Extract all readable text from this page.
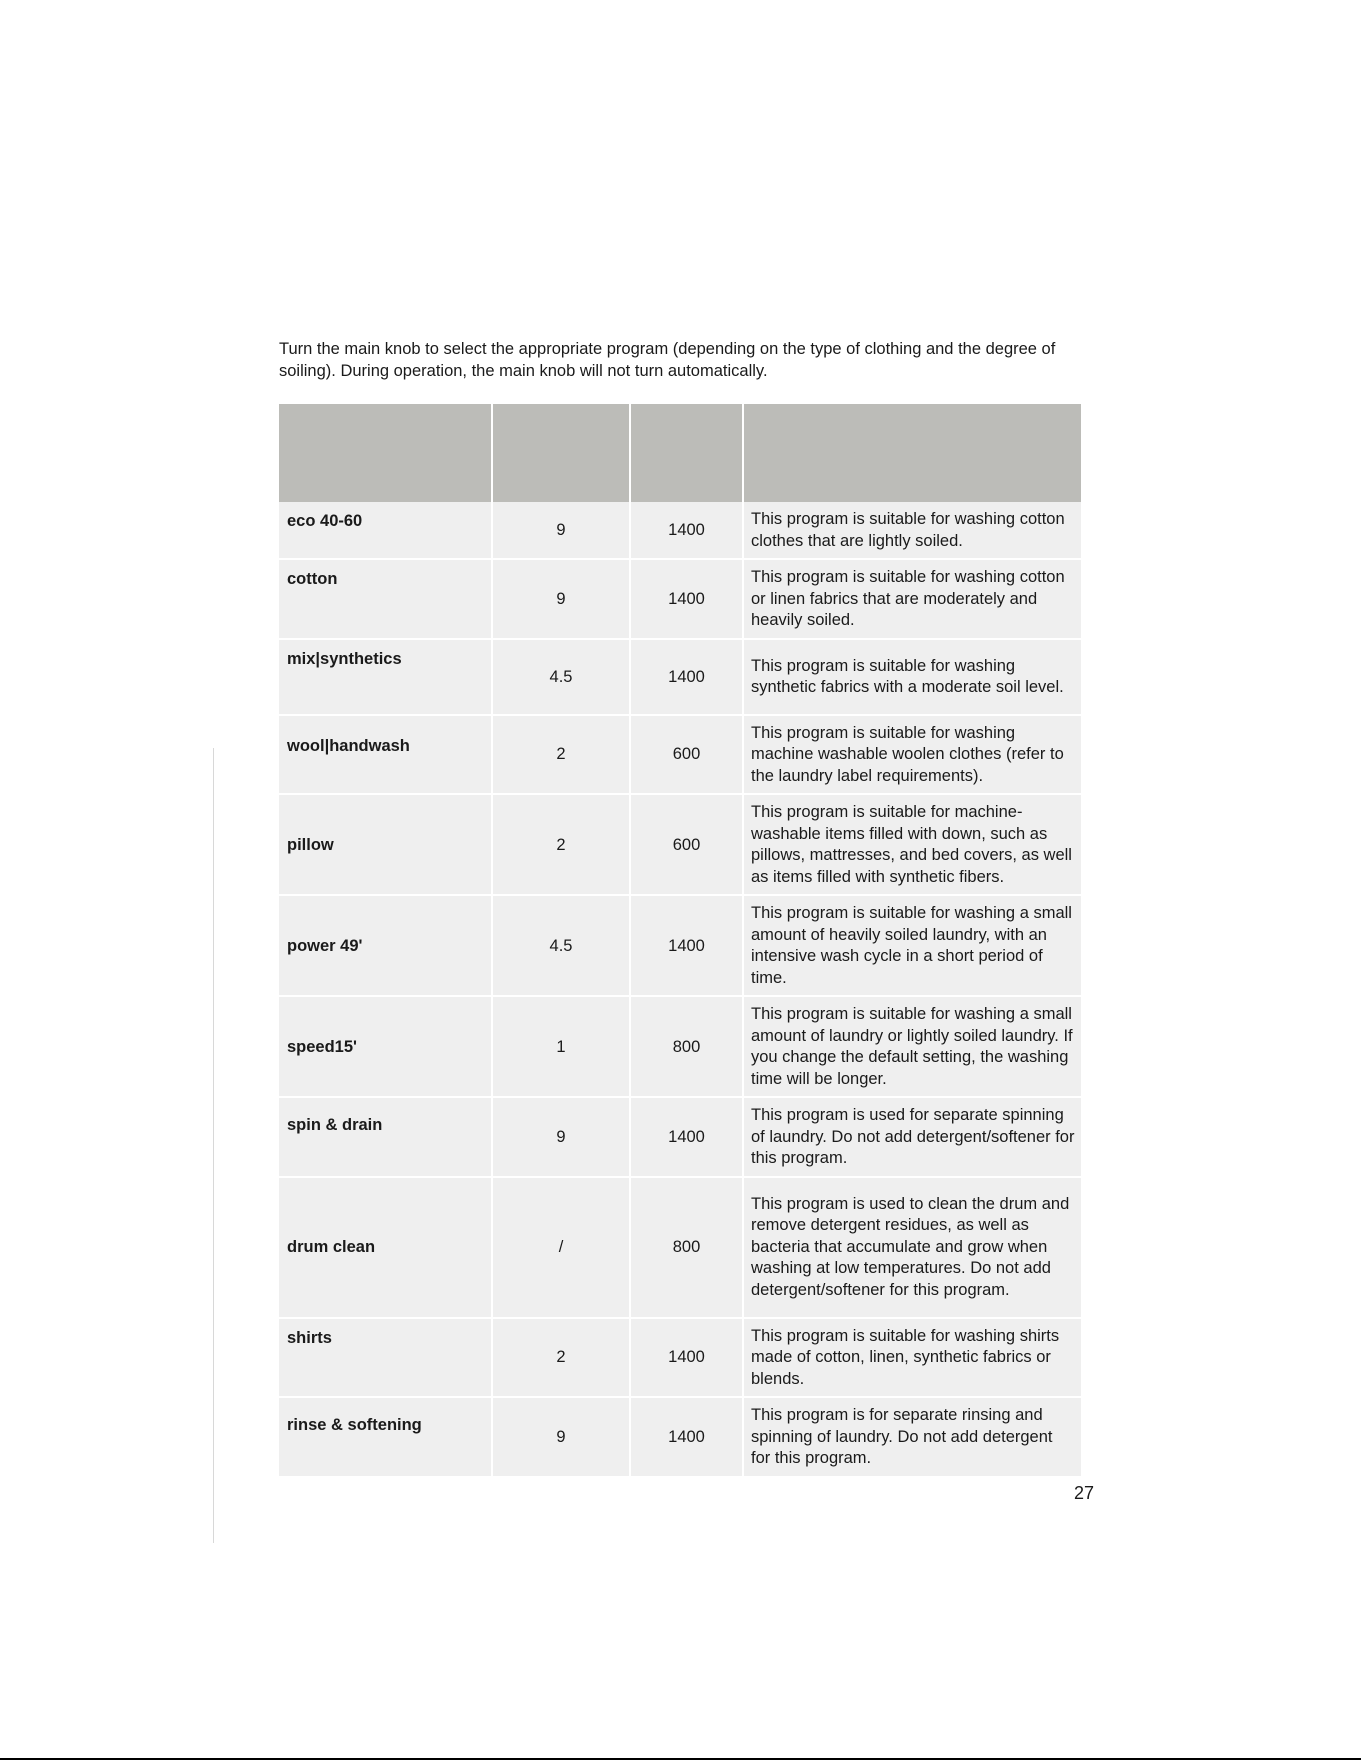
Turn the main knob to select the appropriate program (depending on the type of clothing and the degree of soiling). During operation, the main knob will not turn automatically.

eco 40-60	9	1400	This program is suitable for washing cotton clothes that are lightly soiled.
cotton	9	1400	This program is suitable for washing cotton or linen fabrics that are moderately and heavily soiled.
mix|synthetics	4.5	1400	This program is suitable for washing synthetic fabrics with a moderate soil level.
wool|handwash	2	600	This program is suitable for washing machine washable woolen clothes (refer to the laundry label requirements).
pillow	2	600	This program is suitable for machine-washable items filled with down, such as pillows, mattresses, and bed covers, as well as items filled with synthetic fibers.
power 49'	4.5	1400	This program is suitable for washing a small amount of heavily soiled laundry, with an intensive wash cycle in a short period of time.
speed15'	1	800	This program is suitable for washing a small amount of laundry or lightly soiled laundry. If you change the default setting, the washing time will be longer.
spin & drain	9	1400	This program is used for separate spinning of laundry. Do not add detergent/softener for this program.
drum clean	/	800	This program is used to clean the drum and remove detergent residues, as well as bacteria that accumulate and grow when washing at low temperatures. Do not add detergent/softener for this program.
shirts	2	1400	This program is suitable for washing shirts made of cotton, linen, synthetic fabrics or blends.
rinse & softening	9	1400	This program is for separate rinsing and spinning of laundry. Do not add detergent for this program.
27
